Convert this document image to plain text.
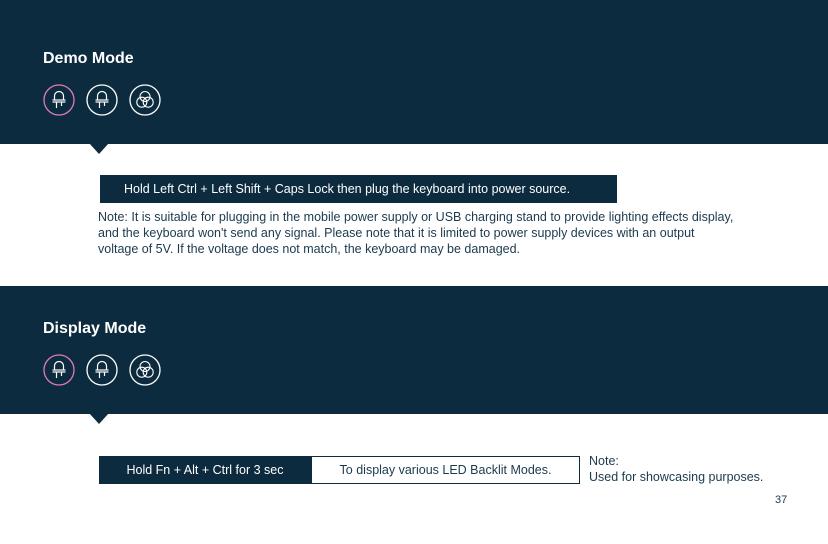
Demo Mode
Hold Left Ctrl + Left Shift + Caps Lock then plug the keyboard into power source.
Note: It is suitable for plugging in the mobile power supply or USB charging stand to provide lighting effects display, and the keyboard won't send any signal. Please note that it is limited to power supply devices with an output voltage of 5V. If the voltage does not match, the keyboard may be damaged.
Display Mode
Hold Fn + Alt + Ctrl for 3 sec	To display various LED Backlit Modes.
Note:
Used for showcasing purposes.
37
